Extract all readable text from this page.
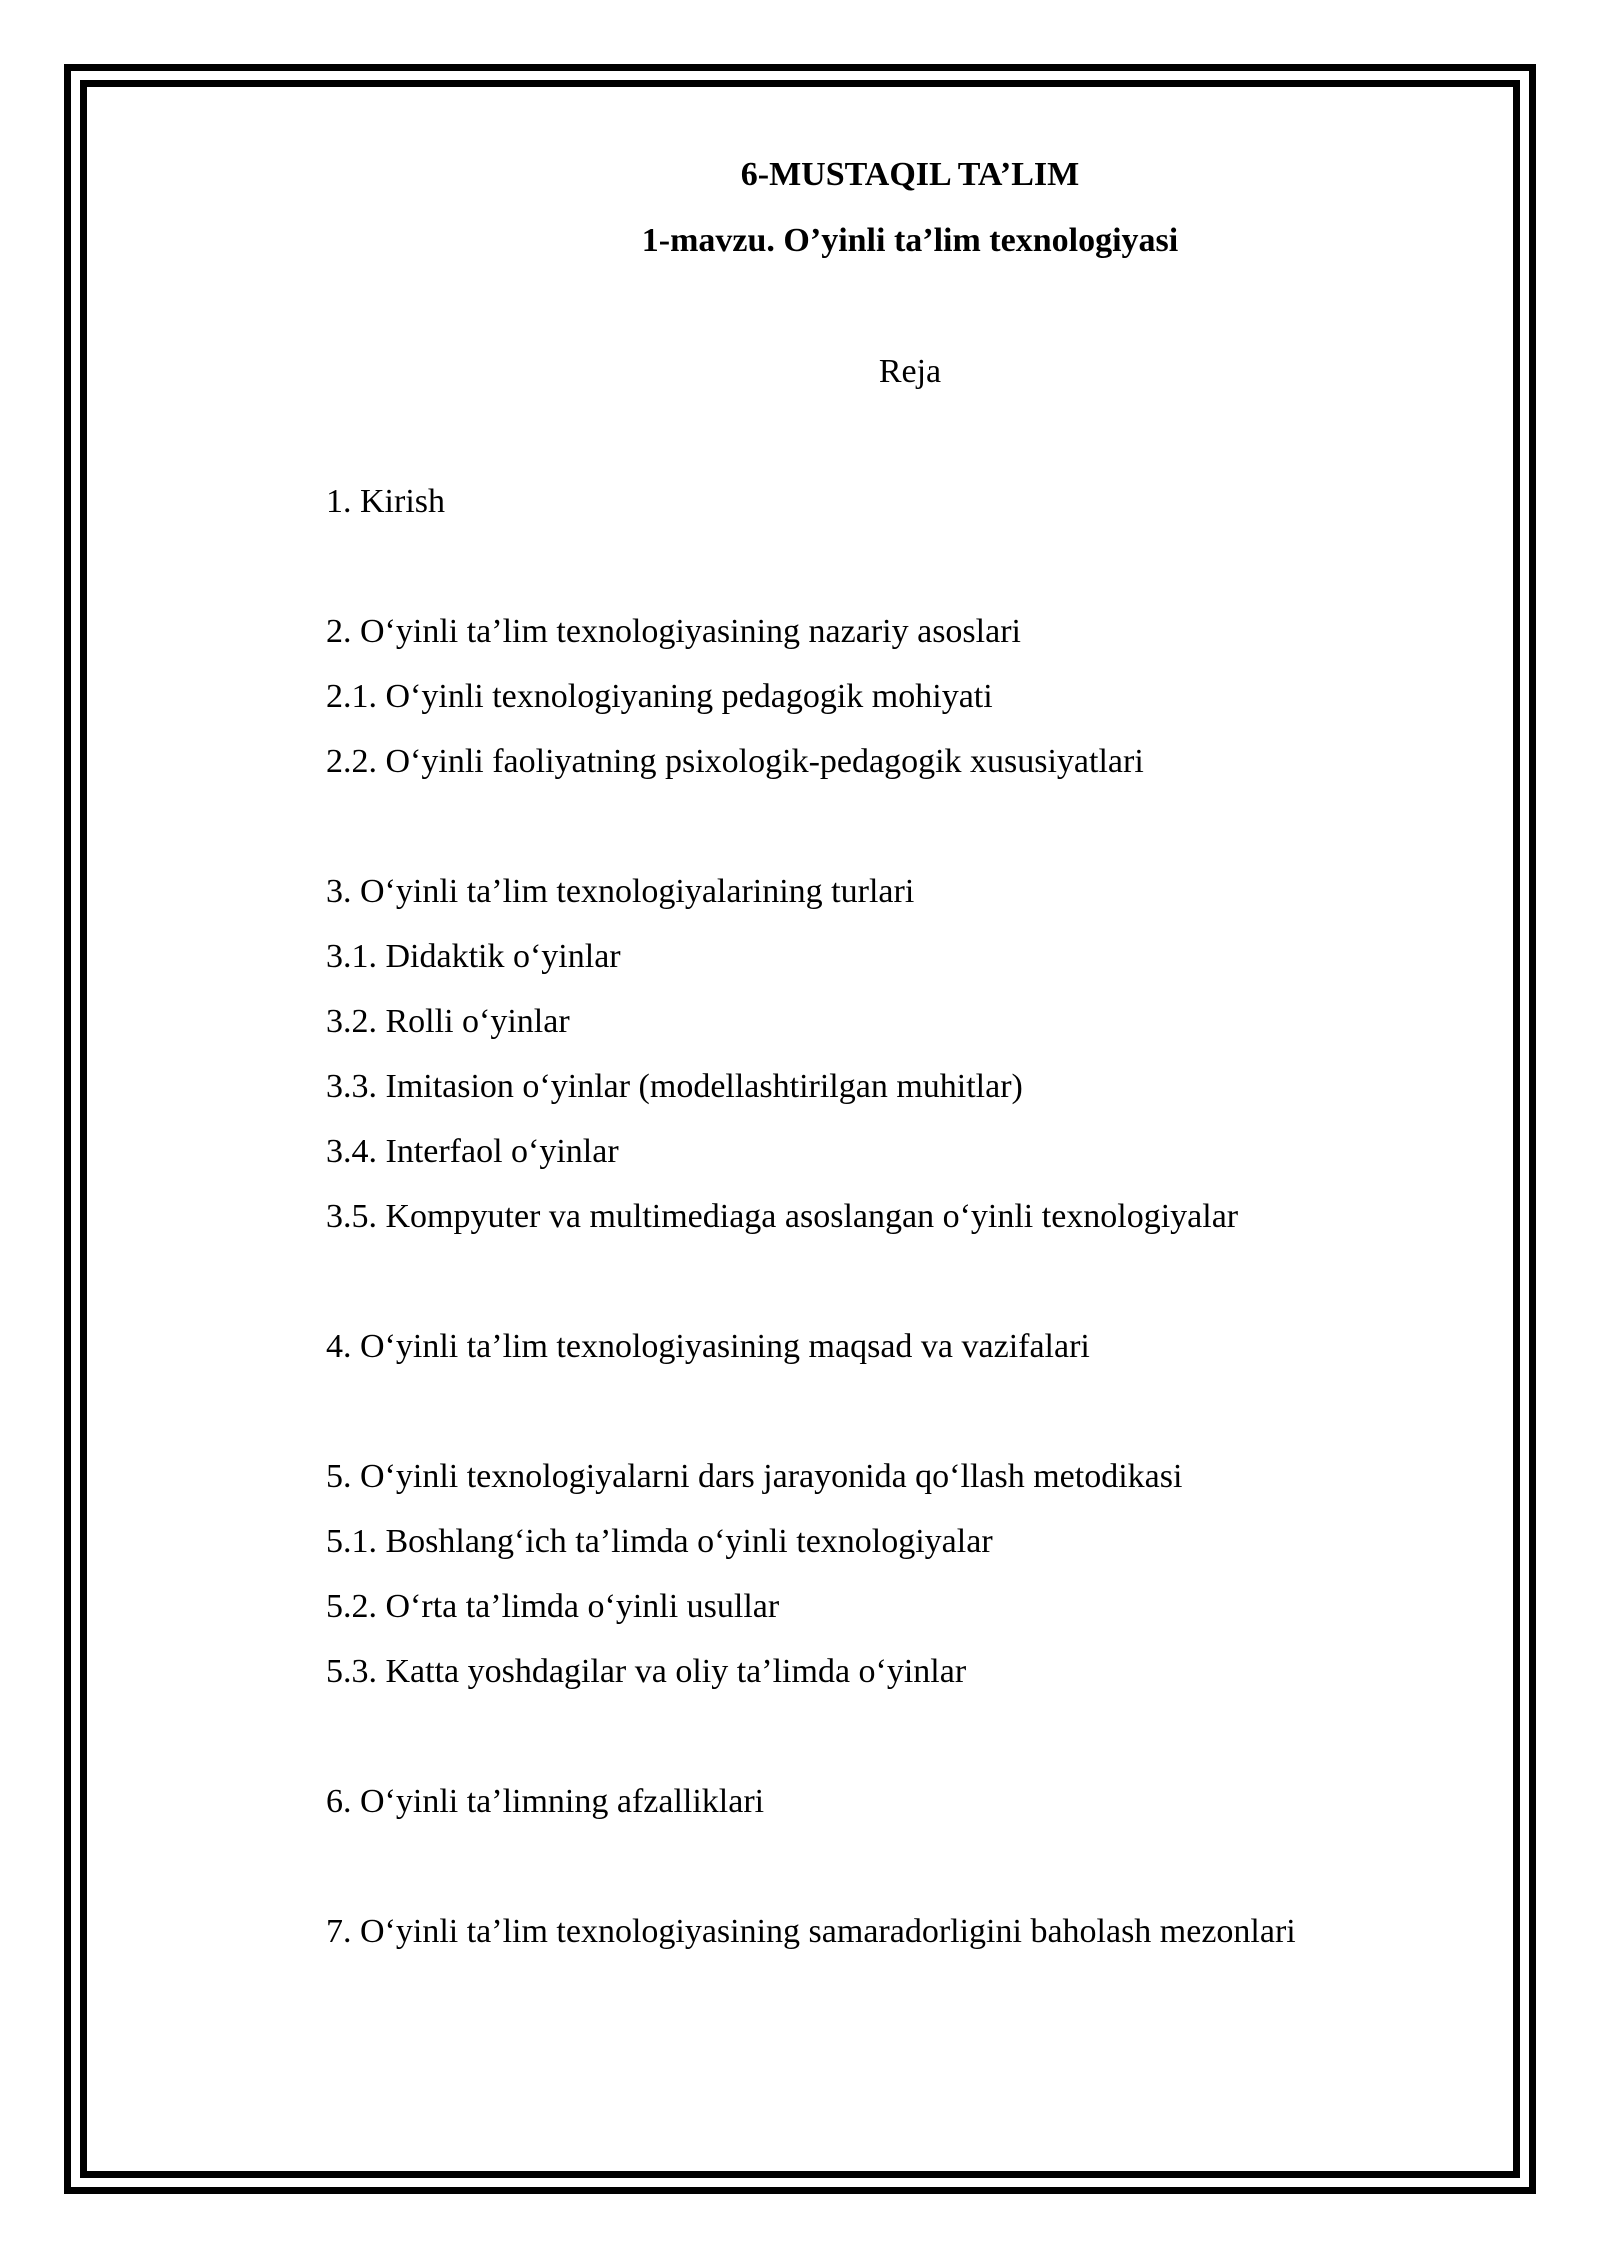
6-MUSTAQIL TA’LIM
1-mavzu. O’yinli ta’lim texnologiyasi
Reja
1. Kirish
2. O‘yinli ta’lim texnologiyasining nazariy asoslari
2.1. O‘yinli texnologiyaning pedagogik mohiyati
2.2. O‘yinli faoliyatning psixologik-pedagogik xususiyatlari
3. O‘yinli ta’lim texnologiyalarining turlari
3.1. Didaktik o‘yinlar
3.2. Rolli o‘yinlar
3.3. Imitasion o‘yinlar (modellashtirilgan muhitlar)
3.4. Interfaol o‘yinlar
3.5. Kompyuter va multimediaga asoslangan o‘yinli texnologiyalar
4. O‘yinli ta’lim texnologiyasining maqsad va vazifalari
5. O‘yinli texnologiyalarni dars jarayonida qo‘llash metodikasi
5.1. Boshlang‘ich ta’limda o‘yinli texnologiyalar
5.2. O‘rta ta’limda o‘yinli usullar
5.3. Katta yoshdagilar va oliy ta’limda o‘yinlar
6. O‘yinli ta’limning afzalliklari
7. O‘yinli ta’lim texnologiyasining samaradorligini baholash mezonlari
